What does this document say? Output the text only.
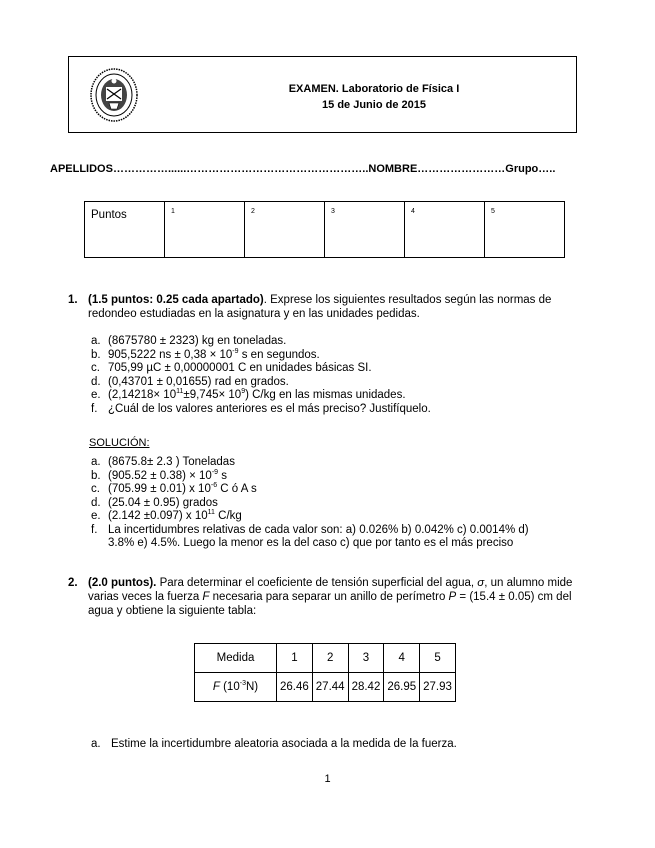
EXAMEN. Laboratorio de Física I
15 de Junio de 2015
APELLIDOS……………......…………………………………………..NOMBRE……………………Grupo…..
Puntos	1	2	3	4	5
1. (1.5 puntos: 0.25 cada apartado). Exprese los siguientes resultados según las normas de redondeo estudiadas en la asignatura y en las unidades pedidas.
a. (8675780 ± 2323) kg en toneladas.
b. 905,5222 ns ± $0,38 \times 10^{-9}$ s en segundos.
c. 705,99 µC ± 0,00000001 C en unidades básicas SI.
d. (0,43701 ± 0,01655) rad en grados.
e. $(2,14218\times 10^{11}\pm 9,745\times 10^9)$ C/kg en las mismas unidades.
f. ¿Cuál de los valores anteriores es el más preciso? Justifíquelo.
SOLUCIÓN:
a. (8675.8± 2.3 ) Toneladas
b. $(905.52 \pm 0.38) \times 10^{-9}$ s
c. (705.99 ± 0.01) x $10^{-6}$ C ó A s
d. (25.04 ± 0.95) grados
e. (2.142 ±0.097) x $10^{11}$ C/kg
f. La incertidumbres relativas de cada valor son: a) 0.026% b) 0.042% c) 0.0014% d) 3.8% e) 4.5%. Luego la menor es la del caso c) que por tanto es el más preciso
2. (2.0 puntos). Para determinar el coeficiente de tensión superficial del agua, σ, un alumno mide varias veces la fuerza F necesaria para separar un anillo de perímetro P = (15.4 ± 0.05) cm del agua y obtiene la siguiente tabla:
Medida	1	2	3	4	5
F $(10^{-3}N)$	26.46	27.44	28.42	26.95	27.93
a. Estime la incertidumbre aleatoria asociada a la medida de la fuerza.
1
